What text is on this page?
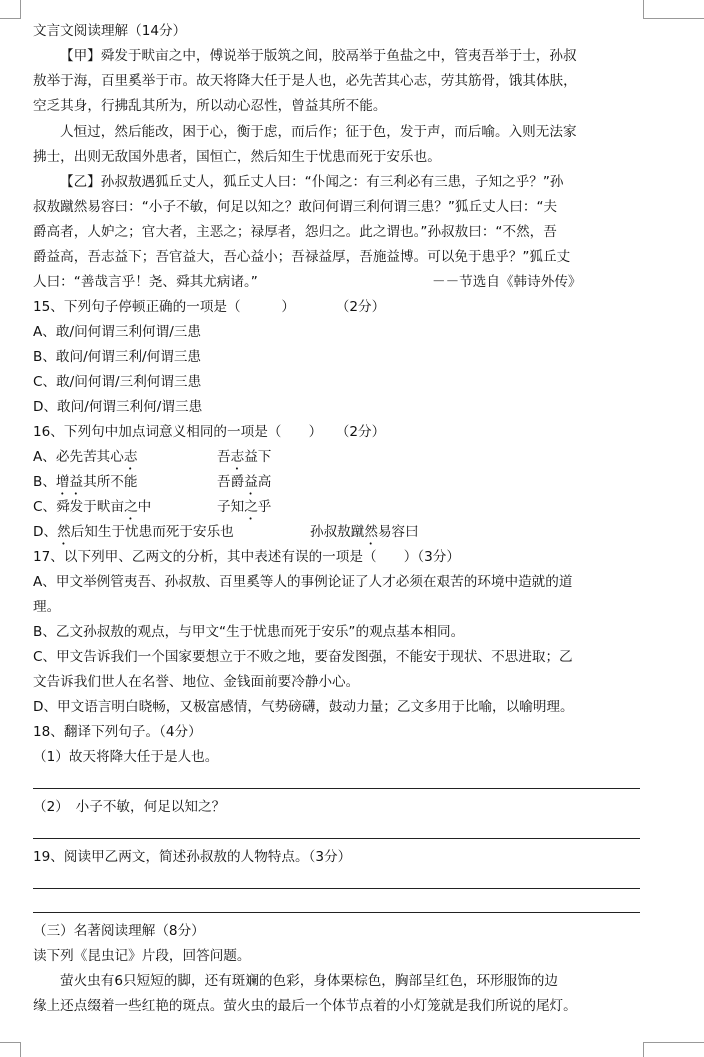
文言文阅读理解（14分）
【甲】舜发于畎亩之中，傅说举于版筑之间，胶鬲举于鱼盐之中，管夷吾举于士，孙叔
敖举于海，百里奚举于市。故天将降大任于是人也，必先苦其心志，劳其筋骨，饿其体肤，
空乏其身，行拂乱其所为，所以动心忍性，曾益其所不能。
人恒过，然后能改，困于心，衡于虑，而后作；征于色，发于声，而后喻。入则无法家
拂士，出则无敌国外患者，国恒亡，然后知生于忧患而死于安乐也。
【乙】孙叔敖遇狐丘丈人，狐丘丈人曰：“仆闻之：有三利必有三患，子知之乎？”孙
叔敖蹴然易容曰：“小子不敏，何足以知之？敢问何谓三利何谓三患？”狐丘丈人曰：“夫
爵高者，人妒之；官大者，主恶之；禄厚者，怨归之。此之谓也。”孙叔敖曰：“不然，吾
爵益高，吾志益下；吾官益大，吾心益小；吾禄益厚，吾施益博。可以免于患乎？”狐丘丈
人曰：“善哉言乎！尧、舜其尤病诸。”	－－节选自《韩诗外传》
15、下列句子停顿正确的一项是（　　　）　　　　（2分）
A、敢/问何谓三利何谓/三患
B、敢问/何谓三利/何谓三患
C、敢/问何谓/三利何谓三患
D、敢问/何谓三利何/谓三患
16、下列句中加点词意义相同的一项是（　　）　　（2分）
A、必先苦其心志	吾志益下
B、增益其所不能	吾爵益高
C、舜发于畎亩之中	子知之乎
D、然后知生于忧患而死于安乐也	孙叔敖蹴然易容曰
17、以下列甲、乙两文的分析，其中表述有误的一项是（　　）（3分）
A、甲文举例管夷吾、孙叔敖、百里奚等人的事例论证了人才必须在艰苦的环境中造就的道
理。
B、乙文孙叔敖的观点，与甲文“生于忧患而死于安乐”的观点基本相同。
C、甲文告诉我们一个国家要想立于不败之地，要奋发图强，不能安于现状、不思进取；乙
文告诉我们世人在名誉、地位、金钱面前要冷静小心。
D、甲文语言明白晓畅，又极富感情，气势磅礴，鼓动力量；乙文多用于比喻，以喻明理。
18、翻译下列句子。（4分）
（1）故天将降大任于是人也。
（2）　小子不敏，何足以知之？
19、阅读甲乙两文，简述孙叔敖的人物特点。（3分）
（三）名著阅读理解（8分）
读下列《昆虫记》片段，回答问题。
萤火虫有6只短短的脚，还有斑斓的色彩，身体栗棕色，胸部呈红色，环形服饰的边
缘上还点缀着一些红艳的斑点。萤火虫的最后一个体节点着的小灯笼就是我们所说的尾灯。
